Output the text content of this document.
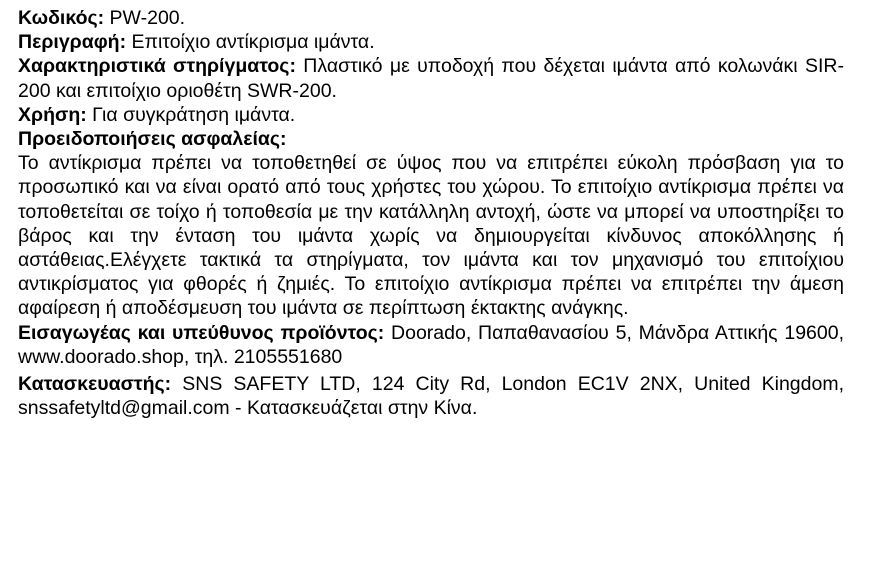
Κωδικός: PW-200.

Περιγραφή: Επιτοίχιο αντίκρισμα ιμάντα.

Χαρακτηριστικά στηρίγματος: Πλαστικό με υποδοχή που δέχεται ιμάντα από κολωνάκι SIR-200 και επιτοίχιο οριοθέτη SWR-200.

Χρήση: Για συγκράτηση ιμάντα.

Προειδοποιήσεις ασφαλείας:

Το αντίκρισμα πρέπει να τοποθετηθεί σε ύψος που να επιτρέπει εύκολη πρόσβαση για το προσωπικό και να είναι ορατό από τους χρήστες του χώρου. Το επιτοίχιο αντίκρισμα πρέπει να τοποθετείται σε τοίχο ή τοποθεσία με την κατάλληλη αντοχή, ώστε να μπορεί να υποστηρίξει το βάρος και την ένταση του ιμάντα χωρίς να δημιουργείται κίνδυνος αποκόλλησης ή αστάθειας.Ελέγχετε τακτικά τα στηρίγματα, τον ιμάντα και τον μηχανισμό του επιτοίχιου αντικρίσματος για φθορές ή ζημιές. Το επιτοίχιο αντίκρισμα πρέπει να επιτρέπει την άμεση αφαίρεση ή αποδέσμευση του ιμάντα σε περίπτωση έκτακτης ανάγκης.

Εισαγωγέας και υπεύθυνος προϊόντος: Doorado, Παπαθανασίου 5, Μάνδρα Αττικής 19600, www.doorado.shop, τηλ. 2105551680

Κατασκευαστής: SNS SAFETY LTD, 124 City Rd, London EC1V 2NX, United Kingdom, snssafetyltd@gmail.com - Κατασκευάζεται στην Κίνα.
